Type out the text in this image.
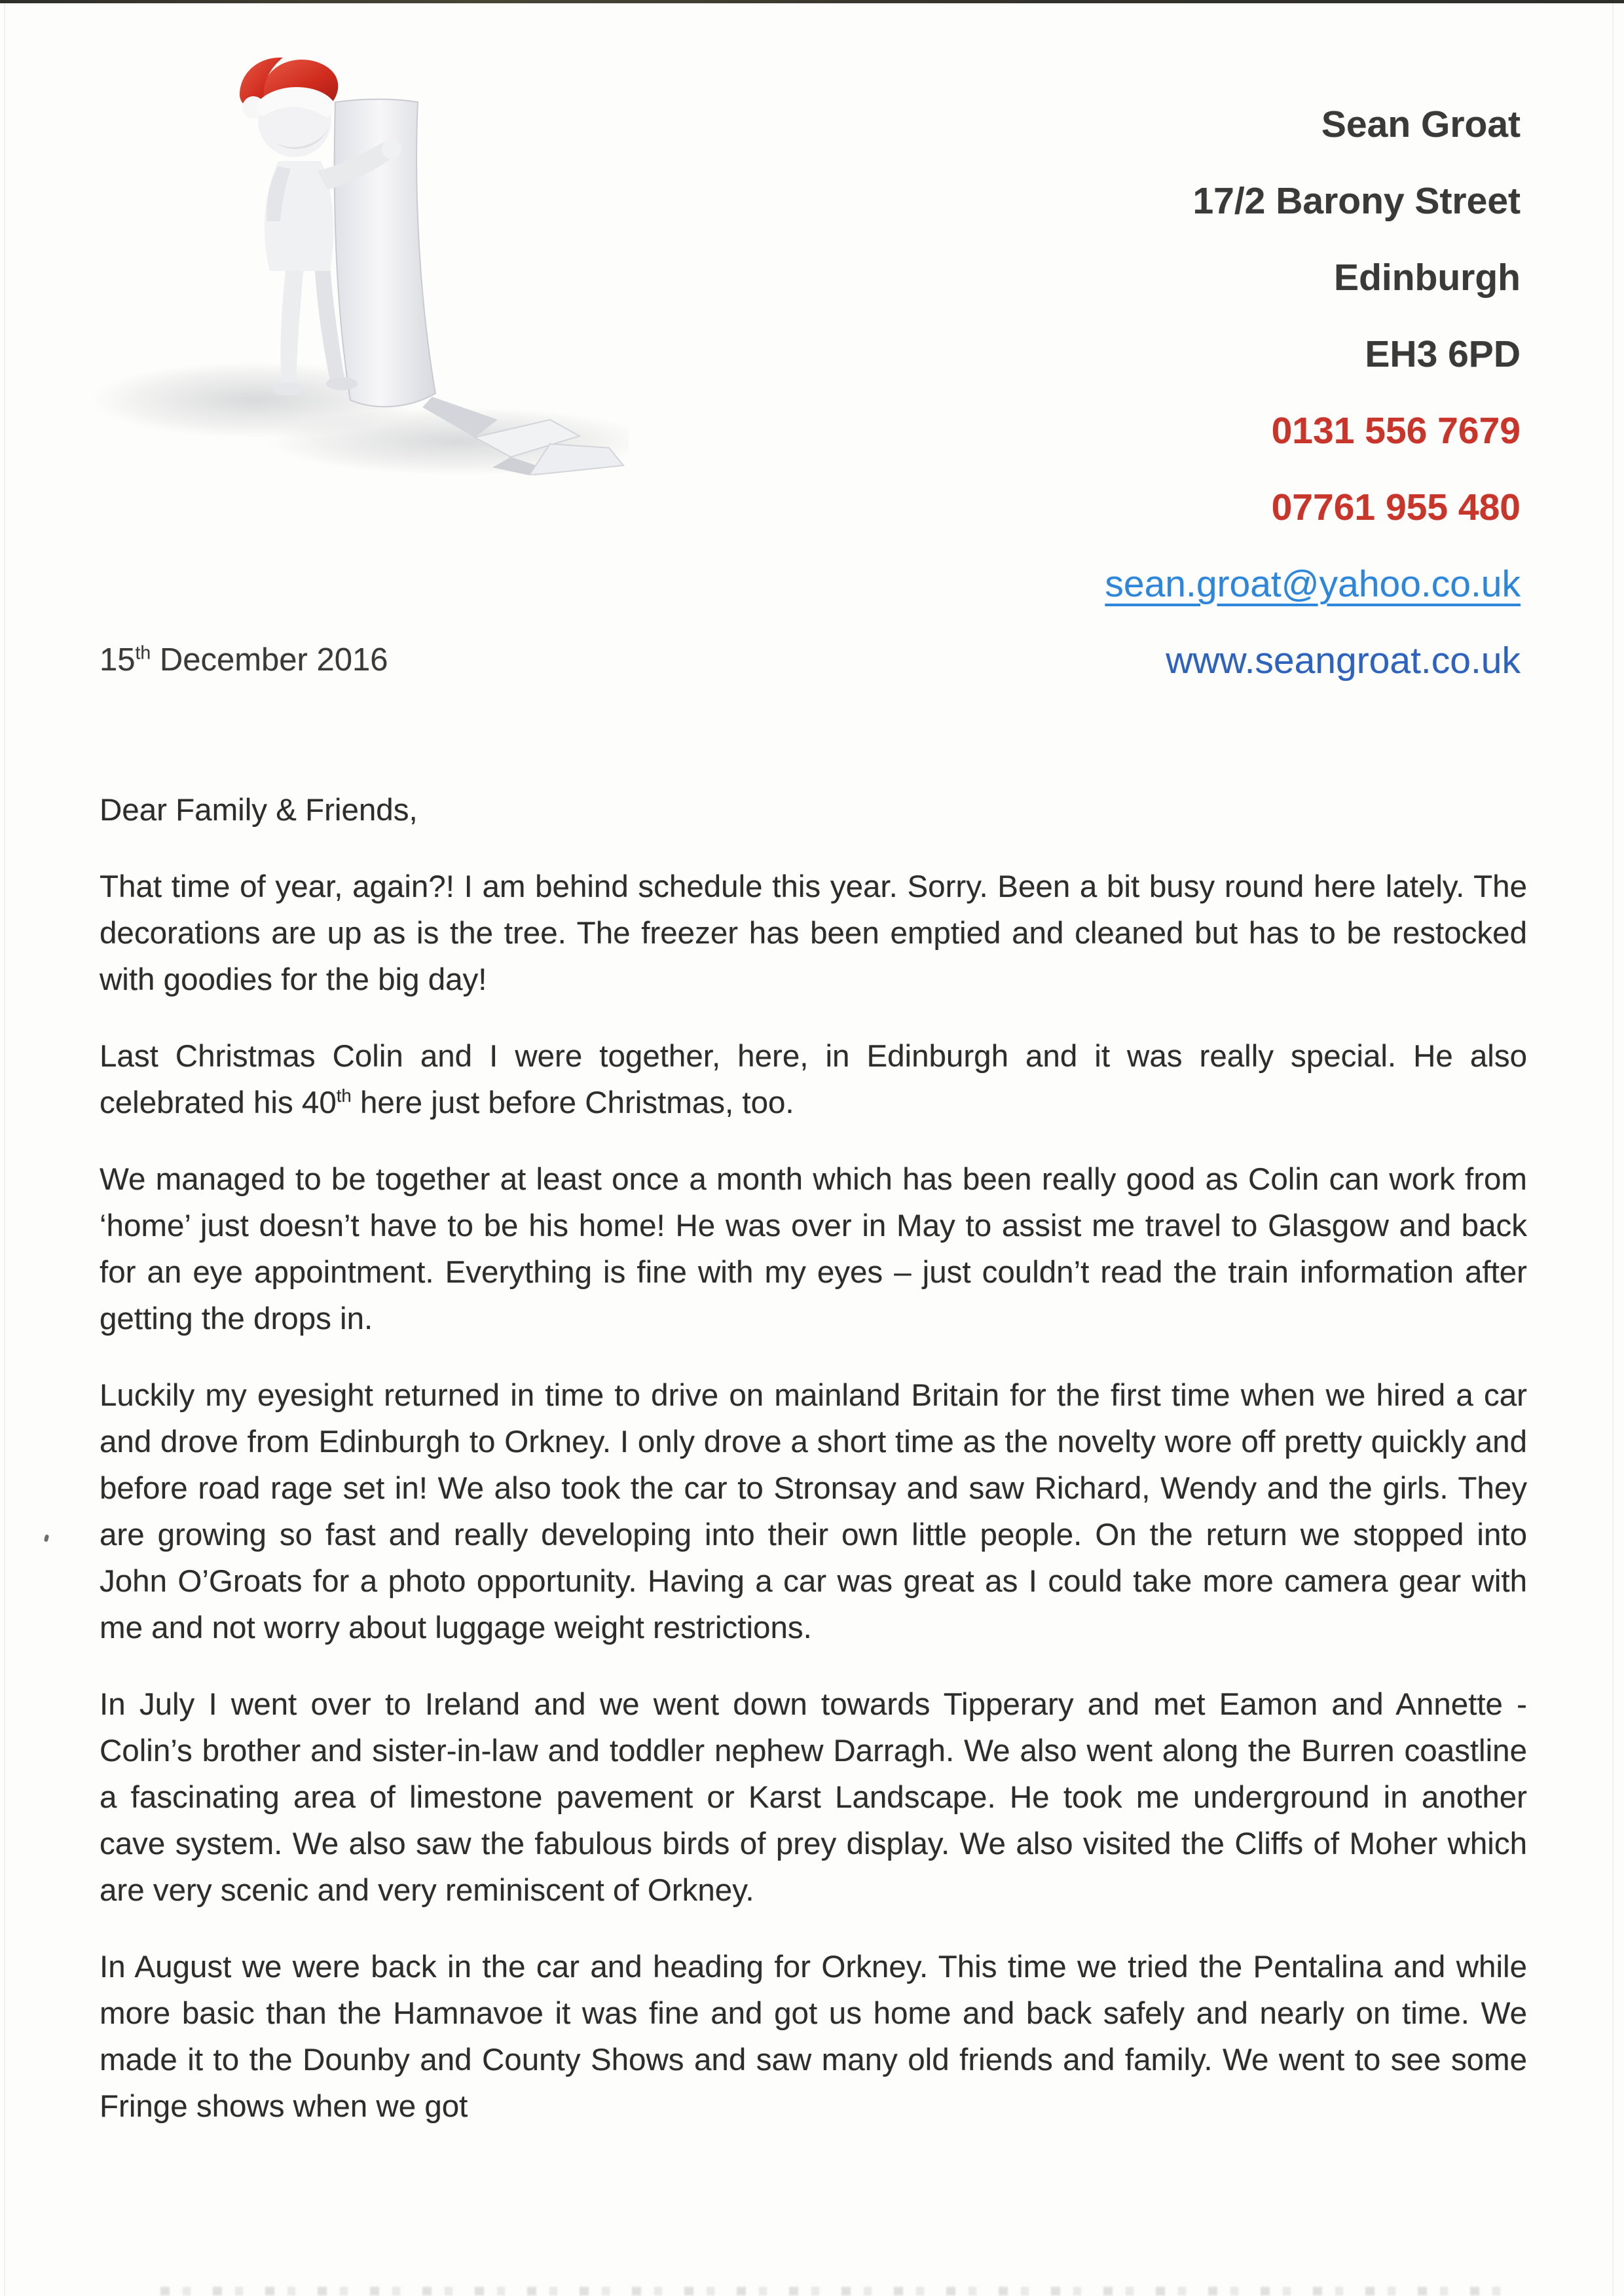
Sean Groat
17/2 Barony Street
Edinburgh
EH3 6PD
0131 556 7679
07761 955 480
sean.groat@yahoo.co.uk
www.seangroat.co.uk
15th December 2016
Dear Family & Friends,

That time of year, again?! I am behind schedule this year. Sorry. Been a bit busy round here lately. The decorations are up as is the tree. The freezer has been emptied and cleaned but has to be restocked with goodies for the big day!

Last Christmas Colin and I were together, here, in Edinburgh and it was really special. He also celebrated his 40th here just before Christmas, too.

We managed to be together at least once a month which has been really good as Colin can work from ‘home’ just doesn’t have to be his home! He was over in May to assist me travel to Glasgow and back for an eye appointment. Everything is fine with my eyes – just couldn’t read the train information after getting the drops in.

Luckily my eyesight returned in time to drive on mainland Britain for the first time when we hired a car and drove from Edinburgh to Orkney. I only drove a short time as the novelty wore off pretty quickly and before road rage set in! We also took the car to Stronsay and saw Richard, Wendy and the girls. They are growing so fast and really developing into their own little people. On the return we stopped into John O’Groats for a photo opportunity. Having a car was great as I could take more camera gear with me and not worry about luggage weight restrictions.

In July I went over to Ireland and we went down towards Tipperary and met Eamon and Annette - Colin’s brother and sister-in-law and toddler nephew Darragh. We also went along the Burren coastline a fascinating area of limestone pavement or Karst Landscape. He took me underground in another cave system. We also saw the fabulous birds of prey display. We also visited the Cliffs of Moher which are very scenic and very reminiscent of Orkney.

In August we were back in the car and heading for Orkney. This time we tried the Pentalina and while more basic than the Hamnavoe it was fine and got us home and back safely and nearly on time. We made it to the Dounby and County Shows and saw many old friends and family. We went to see some Fringe shows when we got
